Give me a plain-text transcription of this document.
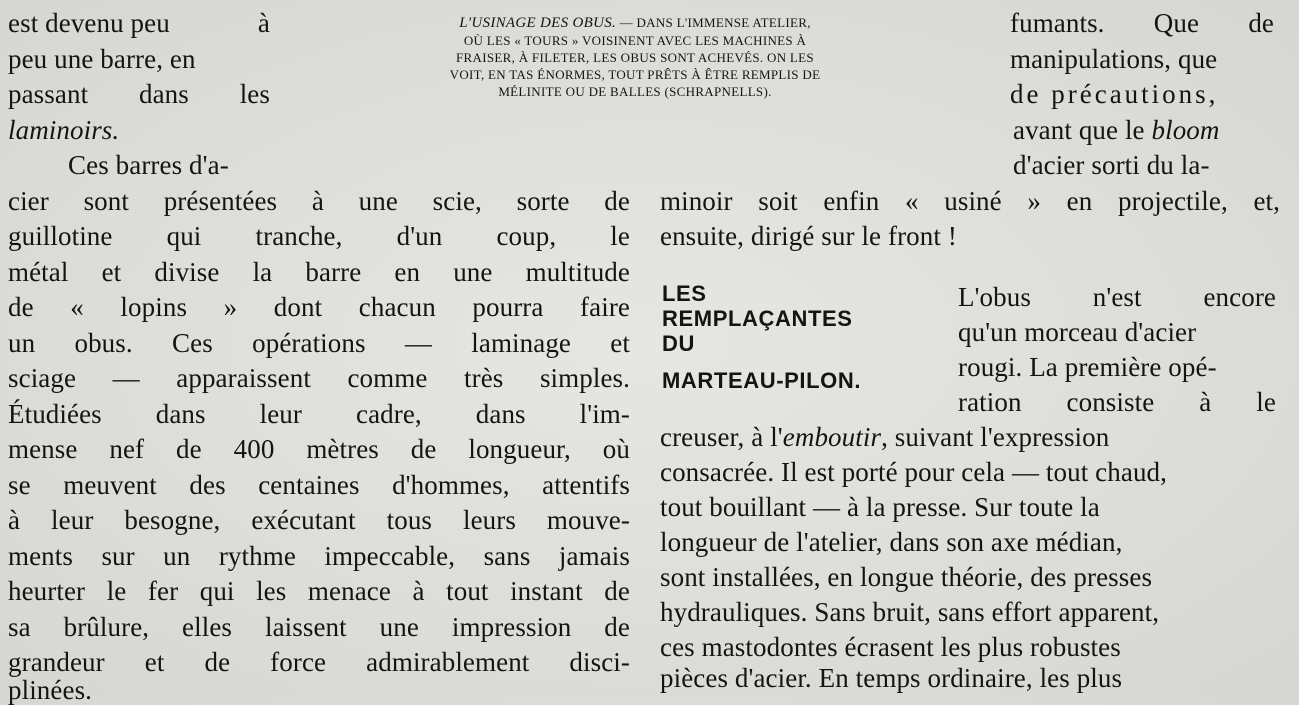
est devenu peu	à
peu une barre, en
passant dans les
laminoirs.
Ces barres d'a-
L'USINAGE DES OBUS. — DANS L'IMMENSE ATELIER,
OÙ LES « TOURS » VOISINENT AVEC LES MACHINES À
FRAISER, À FILETER, LES OBUS SONT ACHEVÉS. ON LES
VOIT, EN TAS ÉNORMES, TOUT PRÊTS À ÊTRE REMPLIS DE
MÉLINITE OU DE BALLES (SCHRAPNELLS).
fumants. Que de
manipulations, que
de précautions,
avant que le bloom
d'acier sorti du la-
cier sont présentées à une scie, sorte de
guillotine qui tranche, d'un coup, le
métal et divise la barre en une multitude
de « lopins » dont chacun pourra faire
un obus. Ces opérations — laminage et
sciage — apparaissent comme très simples.
Étudiées dans leur cadre, dans l'im-
mense nef de 400 mètres de longueur, où
se meuvent des centaines d'hommes, attentifs
à leur besogne, exécutant tous leurs mouve-
ments sur un rythme impeccable, sans jamais
heurter le fer qui les menace à tout instant de
sa brûlure, elles laissent une impression de
grandeur et de force admirablement disci-
plinées.
minoir soit enfin « usiné » en projectile, et,
ensuite, dirigé sur le front !
LES
REMPLAÇANTES
DU
MARTEAU-PILON.
L'obus n'est encore
qu'un morceau d'acier
rougi. La première opé-
ration consiste à le
creuser, à l'emboutir, suivant l'expression
consacrée. Il est porté pour cela — tout chaud,
tout bouillant — à la presse. Sur toute la
longueur de l'atelier, dans son axe médian,
sont installées, en longue théorie, des presses
hydrauliques. Sans bruit, sans effort apparent,
ces mastodontes écrasent les plus robustes
pièces d'acier. En temps ordinaire, les plus
